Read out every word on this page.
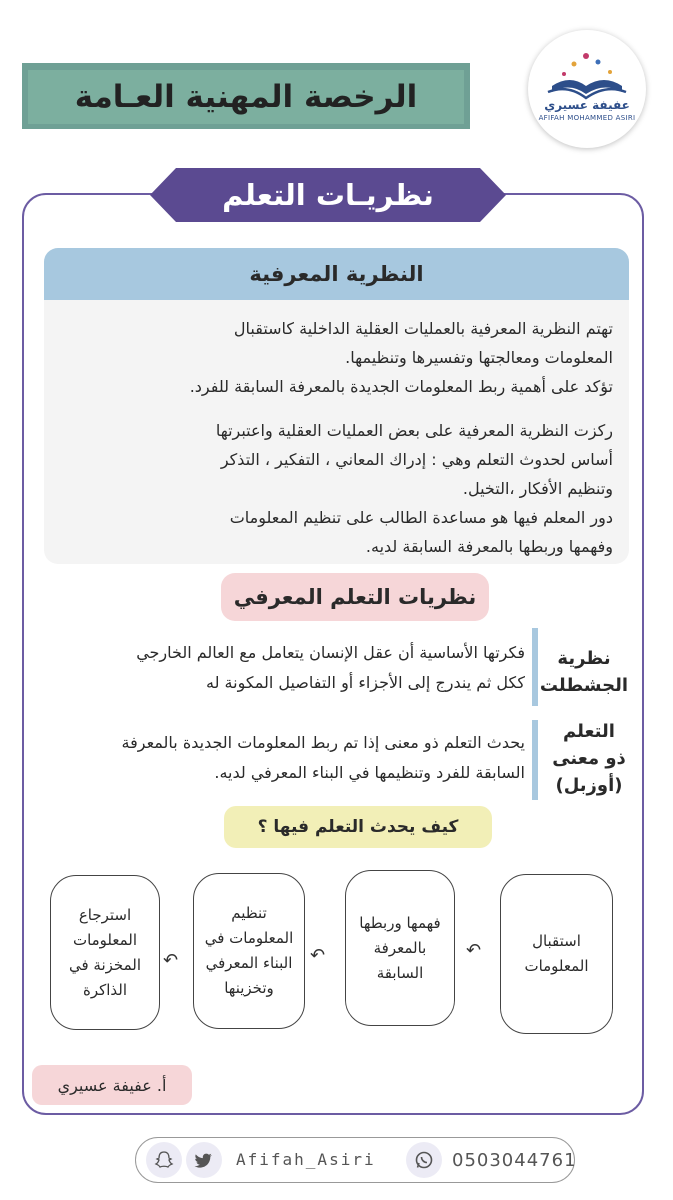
الرخصة المهنية العـامة	عفيفة عسيري
AFIFAH MOHAMMED ASIRI
نظريـات التعلم
النظرية المعرفية
تهتم النظرية المعرفية بالعمليات العقلية الداخلية كاستقبال
المعلومات ومعالجتها وتفسيرها وتنظيمها.
تؤكد على أهمية ربط المعلومات الجديدة بالمعرفة السابقة للفرد.
ركزت النظرية المعرفية على بعض العمليات العقلية واعتبرتها
أساس لحدوث التعلم وهي : إدراك المعاني ، التفكير ، التذكر
وتنظيم الأفكار ،التخيل.
دور المعلم فيها هو مساعدة الطالب على تنظيم المعلومات
وفهمها وربطها بالمعرفة السابقة لديه.
نظريات التعلم المعرفي
نظرية
الجشطلت
فكرتها الأساسية أن عقل الإنسان يتعامل مع العالم الخارجي
ككل ثم يندرج إلى الأجزاء أو التفاصيل المكونة له
التعلم
ذو معنى
(أوزبل)
يحدث التعلم ذو معنى إذا تم ربط المعلومات الجديدة بالمعرفة
السابقة للفرد وتنظيمها في البناء المعرفي لديه.
كيف يحدث التعلم فيها ؟
استقبال المعلومات
↶
فهمها وربطها بالمعرفة السابقة
↶
تنظيم المعلومات في البناء المعرفي وتخزينها
↶
استرجاع المعلومات المخزنة في الذاكرة
أ. عفيفة عسيري
Afifah_Asiri	0503044761
